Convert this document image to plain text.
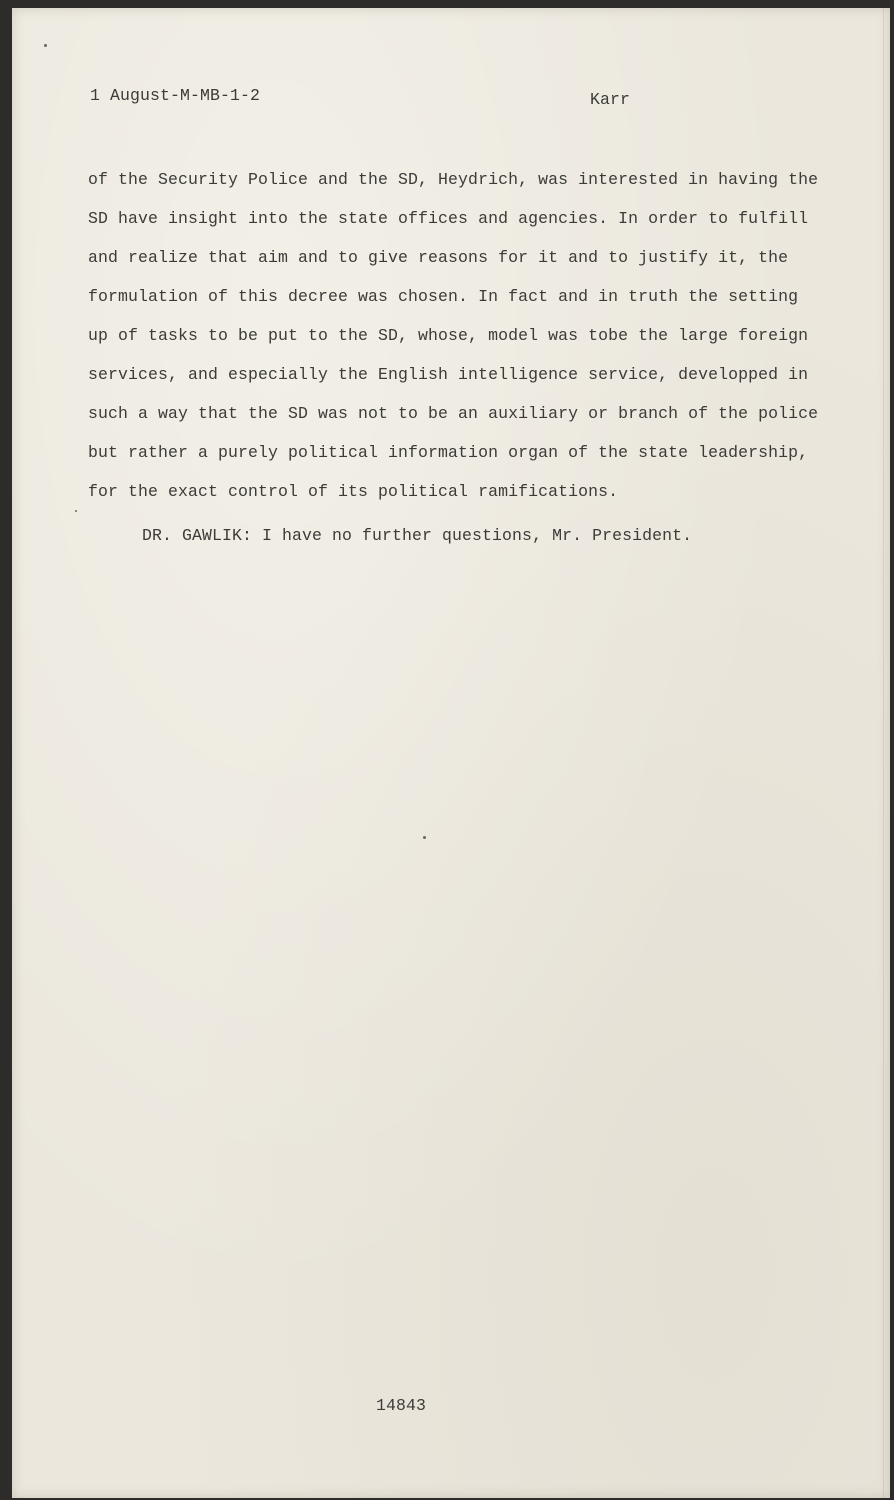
1 August-M-MB-1-2	Karr
of the Security Police and the SD, Heydrich, was interested in having the
SD have insight into the state offices and agencies. In order to fulfill
and realize that aim and to give reasons for it and to justify it, the
formulation of this decree was chosen. In fact and in truth the setting
up of tasks to be put to the SD, whose, model was tobe the large foreign
services, and especially the English intelligence service, developped in
such a way that the SD was not to be an auxiliary or branch of the police
but rather a purely political information organ of the state leadership,
for the exact control of its political ramifications.
DR. GAWLIK: I have no further questions, Mr. President.
14843
